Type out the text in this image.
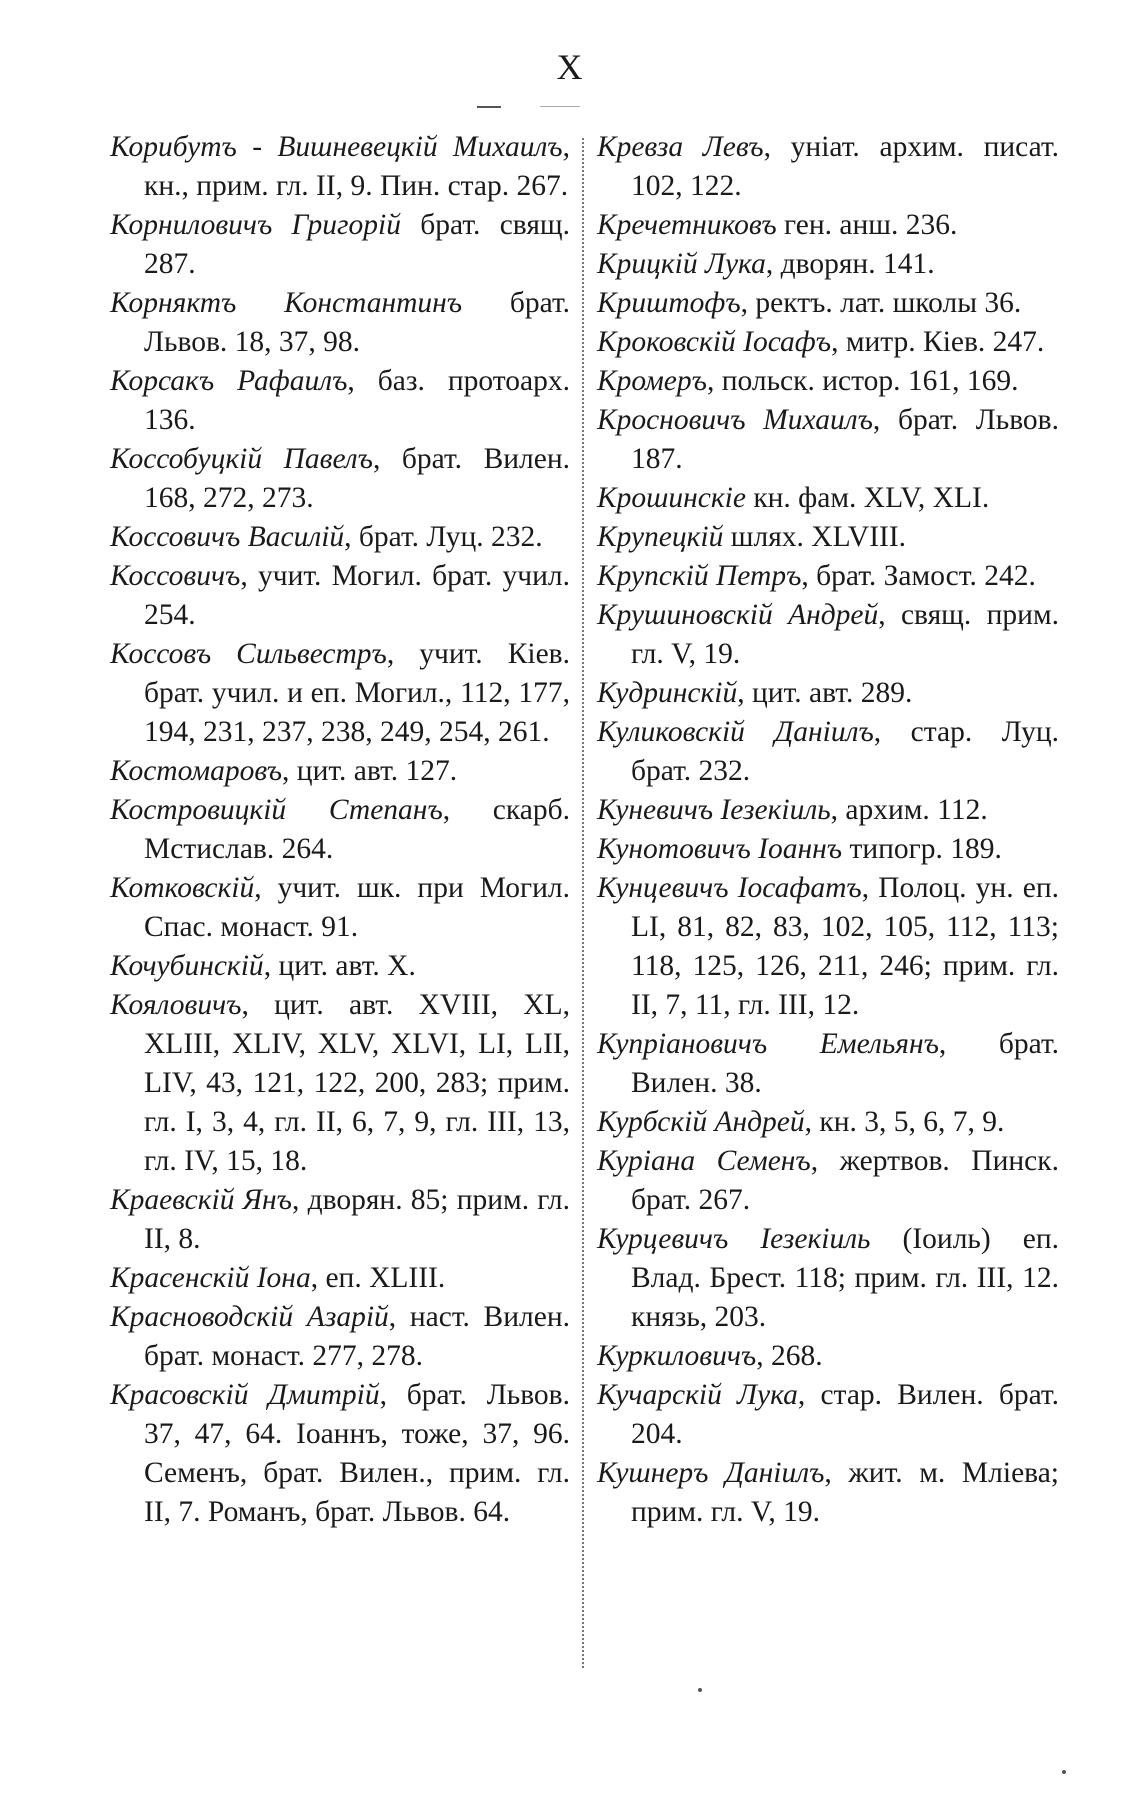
X

Корибутъ - Вишневецкій Михаилъ, кн., прим. гл. II, 9. Пин. стар. 267.

Корниловичъ Григорій брат. свящ. 287.

Корняктъ Константинъ брат. Львов. 18, 37, 98.

Корсакъ Рафаилъ, баз. протоарх. 136.

Коссобуцкій Павелъ, брат. Вилен. 168, 272, 273.

Коссовичъ Василій, брат. Луц. 232.

Коссовичъ, учит. Могил. брат. учил. 254.

Коссовъ Сильвестръ, учит. Кіев. брат. учил. и еп. Могил., 112, 177, 194, 231, 237, 238, 249, 254, 261.

Костомаровъ, цит. авт. 127.

Костровицкій Степанъ, скарб. Мстислав. 264.

Котковскій, учит. шк. при Могил. Спас. монаст. 91.

Кочубинскій, цит. авт. X.

Кояловичъ, цит. авт. XVIII, XL, XLIII, XLIV, XLV, XLVI, LI, LII, LIV, 43, 121, 122, 200, 283; прим. гл. I, 3, 4, гл. II, 6, 7, 9, гл. III, 13, гл. IV, 15, 18.

Краевскій Янъ, дворян. 85; прим. гл. II, 8.

Красенскій Іона, еп. XLIII.

Красноводскій Азарій, наст. Вилен. брат. монаст. 277, 278.

Красовскій Дмитрій, брат. Львов. 37, 47, 64. Іоаннъ, тоже, 37, 96. Семенъ, брат. Вилен., прим. гл. II, 7. Романъ, брат. Львов. 64.

Кревза Левъ, уніат. архим. писат. 102, 122.

Кречетниковъ ген. анш. 236.

Крицкій Лука, дворян. 141.

Криштофъ, ректъ. лат. школы 36.

Кроковскій Іосафъ, митр. Кіев. 247.

Кромеръ, польск. истор. 161, 169.

Кросновичъ Михаилъ, брат. Львов. 187.

Крошинскіе кн. фам. XLV, XLI.

Крупецкій шлях. XLVIII.

Крупскій Петръ, брат. Замост. 242.

Крушиновскій Андрей, свящ. прим. гл. V, 19.

Кудринскій, цит. авт. 289.

Куликовскій Даніилъ, стар. Луц. брат. 232.

Куневичъ Іезекіиль, архим. 112.

Кунотовичъ Іоаннъ типогр. 189.

Кунцевичъ Іосафатъ, Полоц. ун. еп. LI, 81, 82, 83, 102, 105, 112, 113; 118, 125, 126, 211, 246; прим. гл. II, 7, 11, гл. III, 12.

Купріановичъ Емельянъ, брат. Вилен. 38.

Курбскій Андрей, кн. 3, 5, 6, 7, 9.

Куріана Семенъ, жертвов. Пинск. брат. 267.

Курцевичъ Іезекіиль (Іоиль) еп. Влад. Брест. 118; прим. гл. III, 12. князь, 203.

Куркиловичъ, 268.

Кучарскій Лука, стар. Вилен. брат. 204.

Кушнеръ Даніилъ, жит. м. Мліева; прим. гл. V, 19.
